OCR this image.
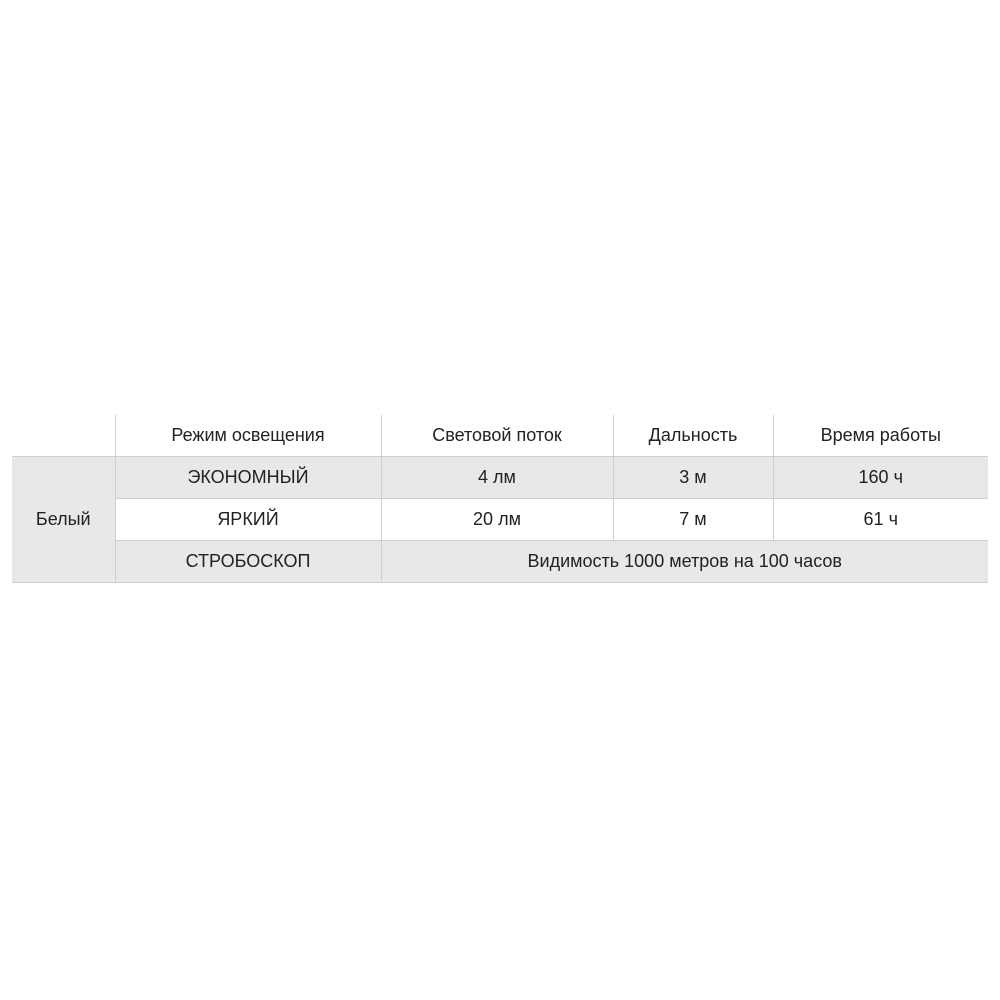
	Режим освещения	Световой поток	Дальность	Время работы
Белый	ЭКОНОМНЫЙ	4 лм	3 м	160 ч
	ЯРКИЙ	20 лм	7 м	61 ч
	СТРОБОСКОП	Видимость 1000 метров на 100 часов		
